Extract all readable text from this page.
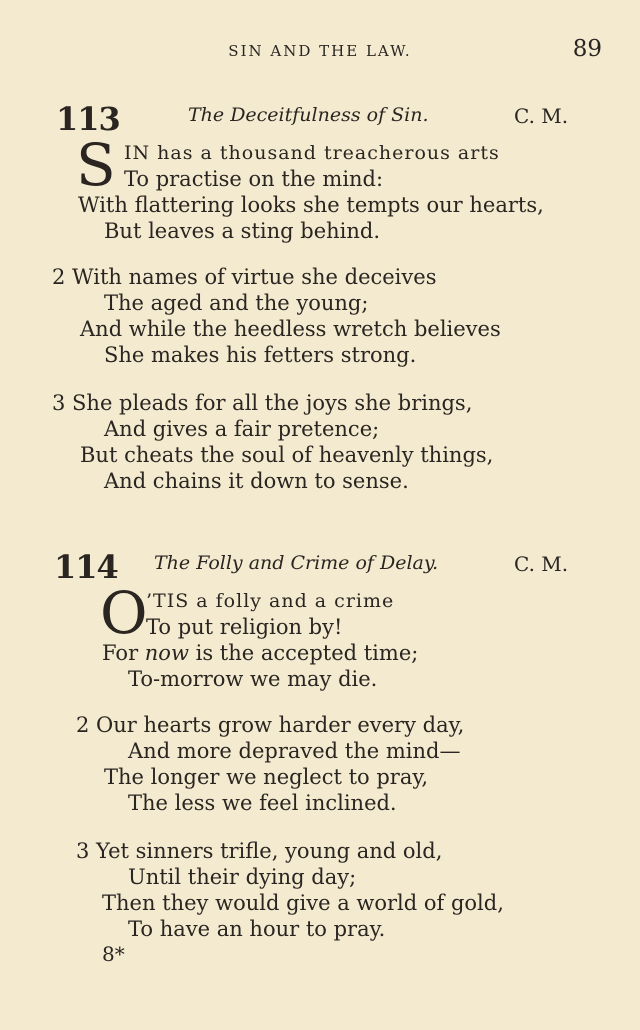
SIN AND THE LAW.	89
113	The Deceitfulness of Sin.	C. M.
S IN has a thousand treacherous arts
To practise on the mind:
With flattering looks she tempts our hearts,
But leaves a sting behind.
2 With names of virtue she deceives
The aged and the young;
And while the heedless wretch believes
She makes his fetters strong.
3 She pleads for all the joys she brings,
And gives a fair pretence;
But cheats the soul of heavenly things,
And chains it down to sense.
114 The Folly and Crime of Delay.	C. M.
O
’TIS a folly and a crime
To put religion by!
For now is the accepted time;
To-morrow we may die.
2 Our hearts grow harder every day,
And more depraved the mind—
The longer we neglect to pray,
The less we feel inclined.
3 Yet sinners trifle, young and old,
Until their dying day;
Then they would give a world of gold,
To have an hour to pray.
8*
